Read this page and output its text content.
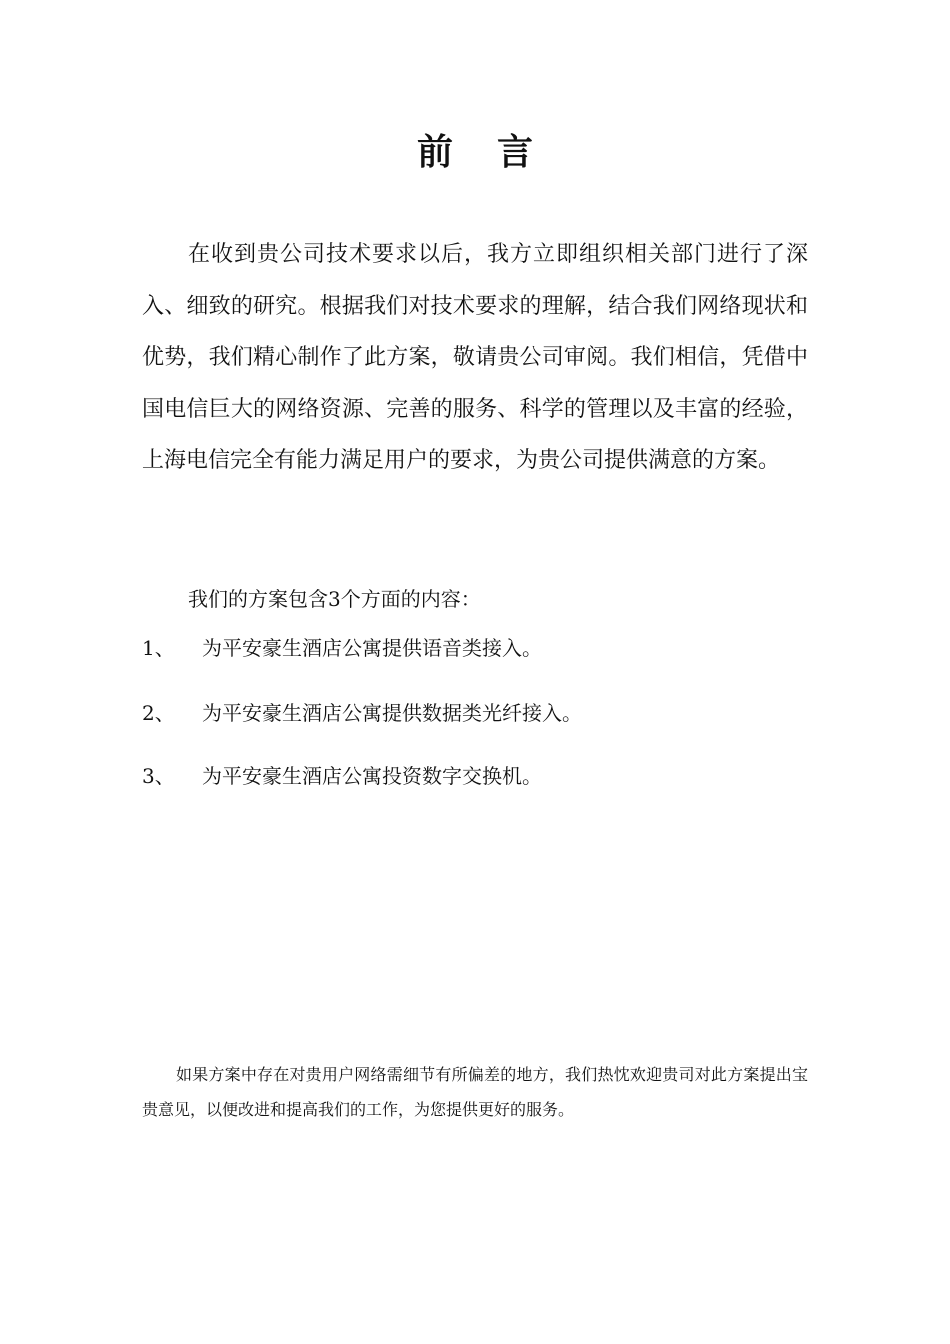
前言

在收到贵公司技术要求以后，我方立即组织相关部门进行了深入、细致的研究。根据我们对技术要求的理解，结合我们网络现状和优势，我们精心制作了此方案，敬请贵公司审阅。我们相信，凭借中国电信巨大的网络资源、完善的服务、科学的管理以及丰富的经验，上海电信完全有能力满足用户的要求，为贵公司提供满意的方案。

我们的方案包含3个方面的内容：

1、 为平安豪生酒店公寓提供语音类接入。
2、 为平安豪生酒店公寓提供数据类光纤接入。
3、 为平安豪生酒店公寓投资数字交换机。

如果方案中存在对贵用户网络需细节有所偏差的地方，我们热忱欢迎贵司对此方案提出宝贵意见，以便改进和提高我们的工作，为您提供更好的服务。
